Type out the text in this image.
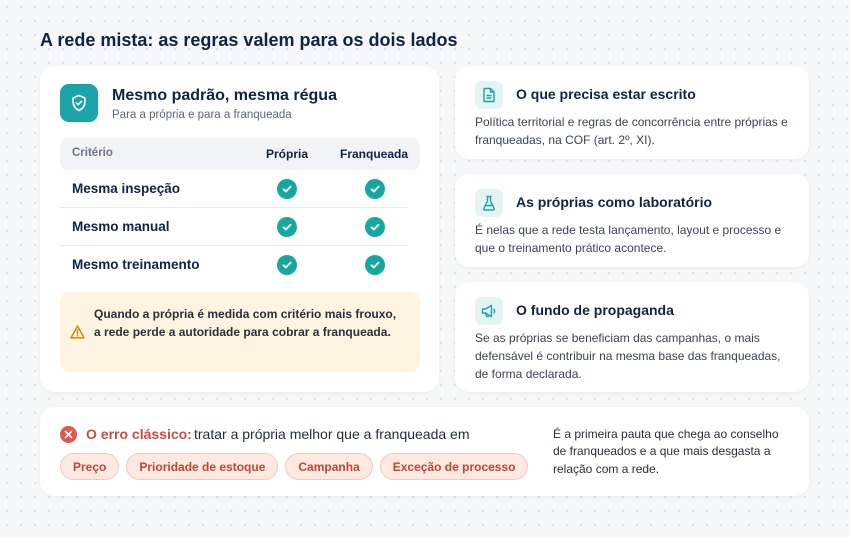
A rede mista: as regras valem para os dois lados
Mesmo padrão, mesma régua
Para a própria e para a franqueada
Critério	Própria	Franqueada
Mesma inspeção
Mesmo manual
Mesmo treinamento
Quando a própria é medida com critério mais frouxo, a rede perde a autoridade para cobrar a franqueada.
O que precisa estar escrito
Política territorial e regras de concorrência entre próprias e franqueadas, na COF (art. 2º, XI).
As próprias como laboratório
É nelas que a rede testa lançamento, layout e processo e que o treinamento prático acontece.
O fundo de propaganda
Se as próprias se beneficiam das campanhas, o mais defensável é contribuir na mesma base das franqueadas, de forma declarada.
O erro clássico: tratar a própria melhor que a franqueada em
Preço	Prioridade de estoque	Campanha	Exceção de processo
É a primeira pauta que chega ao conselho de franqueados e a que mais desgasta a relação com a rede.
